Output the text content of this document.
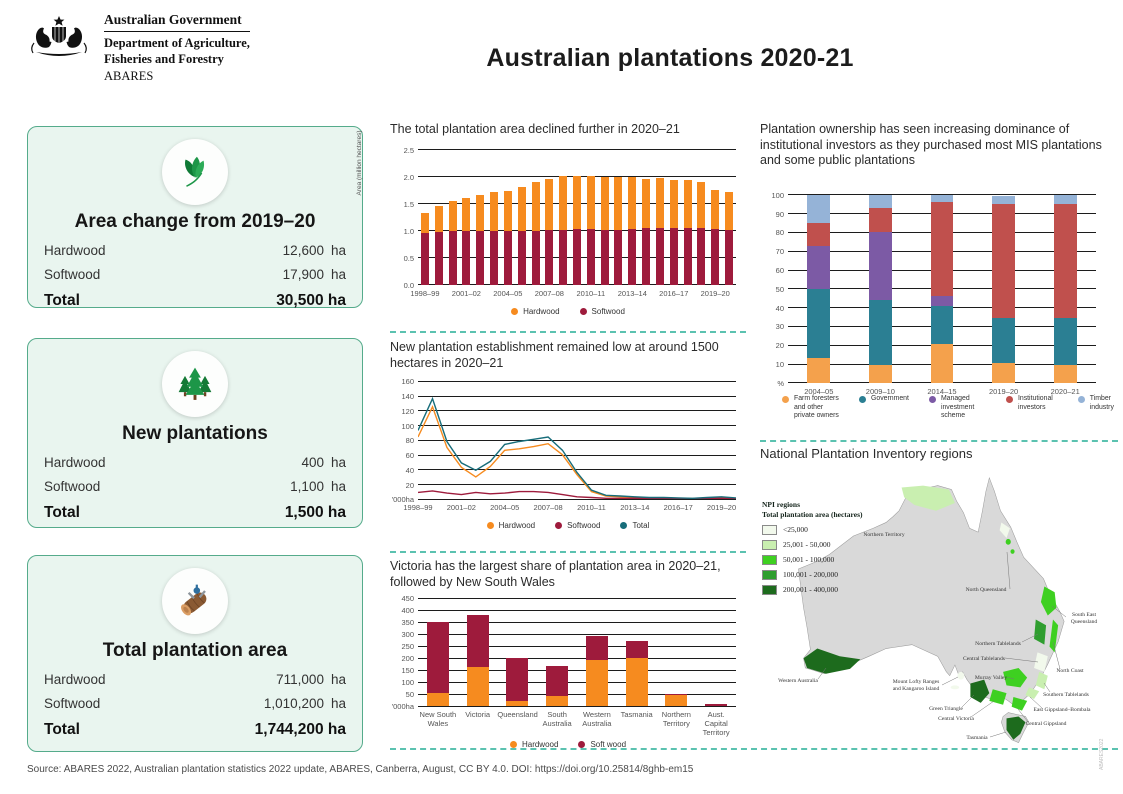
Australian Government
Department of Agriculture,
Fisheries and Forestry
ABARES
Australian plantations 2020-21
Area change from 2019–20
Hardwood	12,600 ha
Softwood	17,900 ha
Total	30,500 ha
New plantations
Hardwood	400 ha
Softwood	1,100 ha
Total	1,500 ha
Total plantation area
Hardwood	711,000 ha
Softwood	1,010,200 ha
Total	1,744,200 ha
The total plantation area declined further in 2020–21
Area (million hectares)
0.0
0.5
1.0
1.5
2.0
2.5
1998–99	2001–02	2004–05	2007–08	2010–11	2013–14	2016–17	2019–20
Hardwood	Softwood
New plantation establishment remained low at around 1500 hectares in 2020–21
'000ha
20
40
60
80
100
120
140
160
1998–99	2001–02	2004–05	2007–08	2010–11	2013–14	2016–17	2019–20
Hardwood	Softwood	Total
Victoria has the largest share of plantation area in 2020–21, followed by New South Wales
'000ha
50
100
150
200
250
300
350
400
450
New South Wales
Victoria Queensland	South Australia
Western Australia
Tasmania	Northern Territory
Aust. Capital Territory
Hardwood	Soft wood
Plantation ownership has seen increasing dominance of institutional investors as they purchased most MIS plantations and some public plantations
%
10
20
30
40
50
60
70
80
90
100
2004–05	2009–10	2014–15	2019–20	2020–21
Farm foresters and other private owners
Government	Managed investment scheme
Institutional investors
Timber industry
National Plantation Inventory regions
NPI regions
Total plantation area (hectares)
<25,000
25,001 - 50,000
50,001 - 100,000
100,001 - 200,000
200,001 - 400,000
Northern Territory
North Queensland
South East
Queensland
Northern Tablelands
Central Tablelands
North Coast
Murray Valley
Western Australia	Mount Lofty Ranges
and Kangaroo Island
Green Triangle
Central Victoria
Southern Tablelands
East Gippsland–Bombala
Central Gippsland
Tasmania
Source: ABARES 2022, Australian plantation statistics 2022 update, ABARES, Canberra, August, CC BY 4.0. DOI: https://doi.org/10.25814/8ghb-em15	ABARES2022
